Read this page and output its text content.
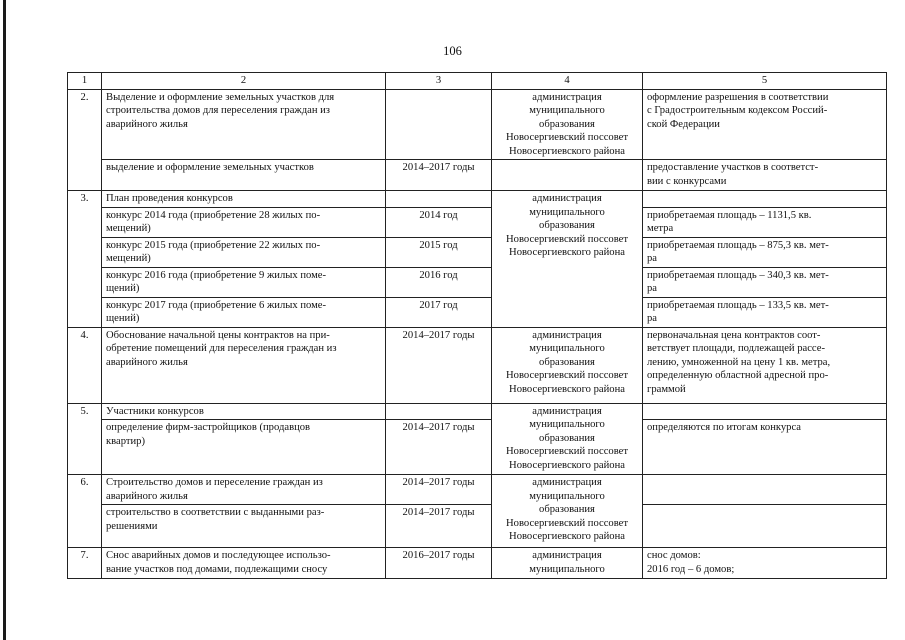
106
1	2	3	4	5
2.	Выделение и оформление земельных участков для
строительства домов для переселения граждан из
аварийного жилья		администрация
муниципального
образования
Новосергиевский поссовет
Новосергиевского района	оформление разрешения в соответствии
с Градостроительным кодексом Россий-
ской Федерации
	выделение и оформление земельных участков	2014–2017 годы		предоставление участков в соответст-
вии с конкурсами
3.	План проведения конкурсов		администрация
муниципального
образования
Новосергиевский поссовет
Новосергиевского района	
	конкурс 2014 года (приобретение 28 жилых по-
мещений)	2014 год		приобретаемая площадь – 1131,5 кв.
метра
	конкурс 2015 года (приобретение 22 жилых по-
мещений)	2015 год		приобретаемая площадь – 875,3 кв. мет-
ра
	конкурс 2016 года (приобретение 9 жилых поме-
щений)	2016 год		приобретаемая площадь – 340,3 кв. мет-
ра
	конкурс 2017 года (приобретение 6 жилых поме-
щений)	2017 год		приобретаемая площадь – 133,5 кв. мет-
ра
4.	Обоснование начальной цены контрактов на при-
обретение помещений для переселения граждан из
аварийного жилья	2014–2017 годы	администрация
муниципального
образования
Новосергиевский поссовет
Новосергиевского района	первоначальная цена контрактов соот-
ветствует площади, подлежащей рассе-
лению, умноженной на цену 1 кв. метра,
определенную областной адресной про-
граммой
5.	Участники конкурсов		администрация
муниципального
образования
Новосергиевский поссовет
Новосергиевского района	
	определение фирм-застройщиков (продавцов
квартир)	2014–2017 годы		определяются по итогам конкурса
6.	Строительство домов и переселение граждан из
аварийного жилья	2014–2017 годы	администрация
муниципального
образования
Новосергиевский поссовет
Новосергиевского района	
	строительство в соответствии с выданными раз-
решениями	2014–2017 годы		
7.	Снос аварийных домов и последующее использо-
вание участков под домами, подлежащими сносу	2016–2017 годы	администрация
муниципального	снос домов:
2016 год – 6 домов;
